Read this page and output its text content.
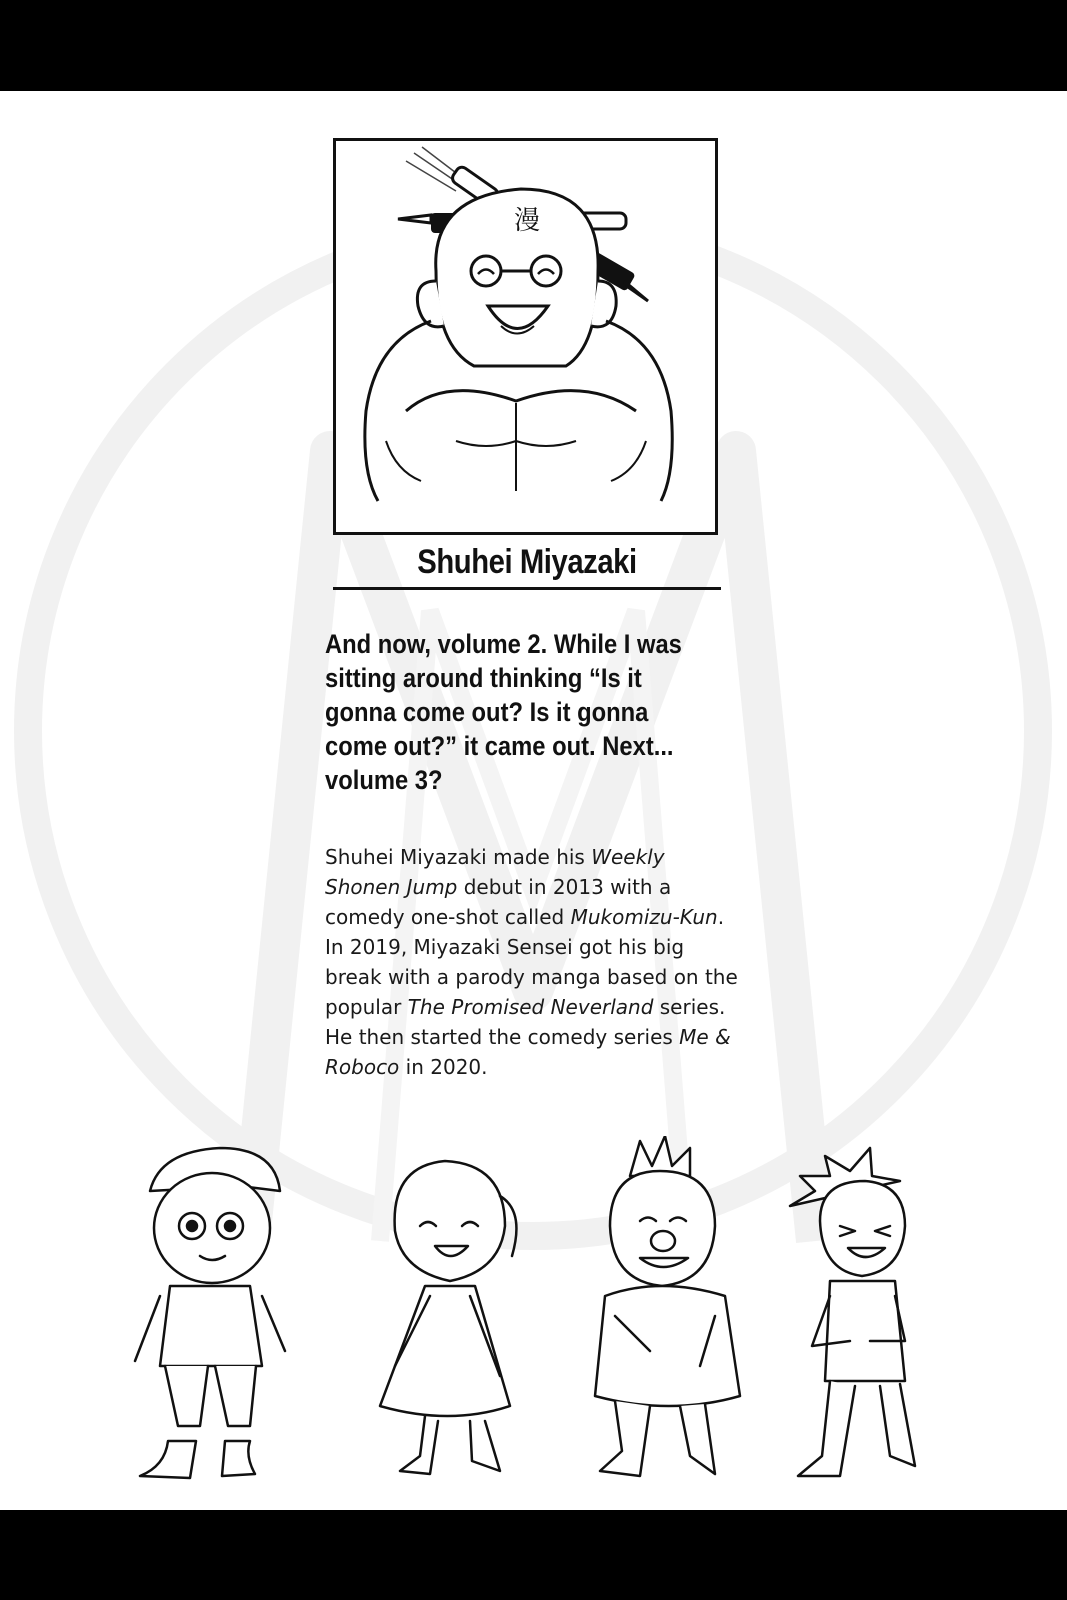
漫
Shuhei Miyazaki

And now, volume 2. While I was
sitting around thinking “Is it
gonna come out? Is it gonna
come out?” it came out. Next...
volume 3?

Shuhei Miyazaki made his Weekly Shonen Jump debut in 2013 with a comedy one-shot called Mukomizu-Kun. In 2019, Miyazaki Sensei got his big break with a parody manga based on the popular The Promised Neverland series. He then started the comedy series Me & Roboco in 2020.
